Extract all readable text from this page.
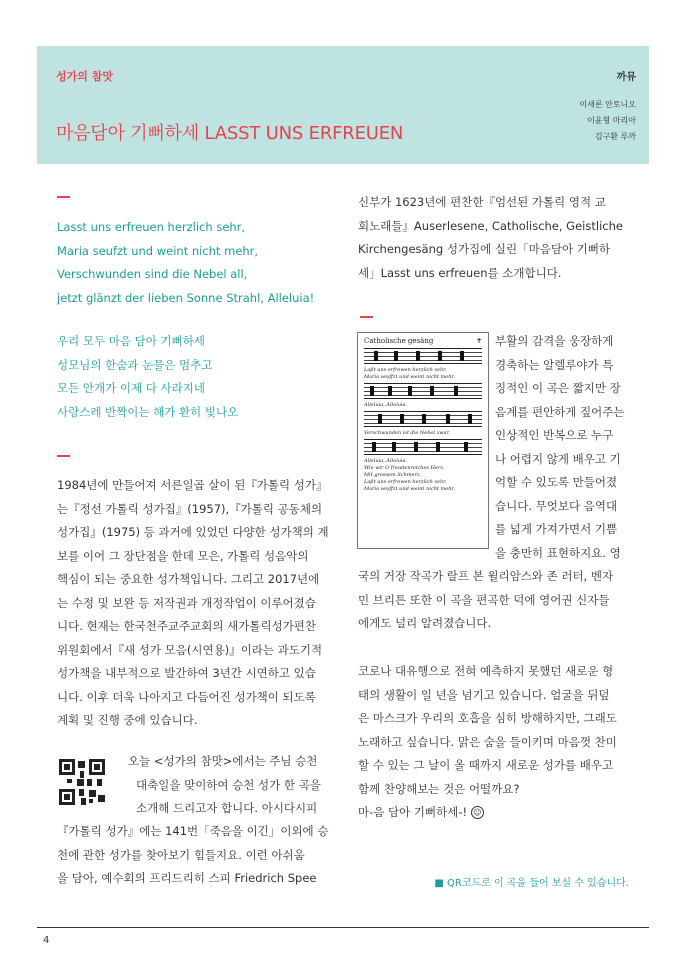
성가의 참맛	까뮤
마음담아 기뻐하세 LASST UNS ERFREUEN
이새론 안토니오
이윤형 마리아
김구환 루까
Lasst uns erfreuen herzlich sehr,
Maria seufzt und weint nicht mehr,
Verschwunden sind die Nebel all,
jetzt glänzt der lieben Sonne Strahl, Alleluia!
우리 모두 마음 담아 기뻐하세
성모님의 한숨과 눈물은 멈추고
모든 안개가 이제 다 사라지네
사랑스레 반짝이는 해가 환히 빛나오
1984년에 만들어져 서른일곱 살이 된『가톨릭 성가』
는『정선 가톨릭 성가집』(1957),『가톨릭 공동체의
성가집』(1975) 등 과거에 있었던 다양한 성가책의 계
보를 이어 그 장단점을 한데 모은, 가톨릭 성음악의
핵심이 되는 중요한 성가책입니다. 그리고 2017년에
는 수정 및 보완 등 저작권과 개정작업이 이루어졌습
니다. 현재는 한국천주교주교회의 새가톨릭성가편찬
위원회에서『새 성가 모음(시연용)』이라는 과도기적
성가책을 내부적으로 발간하여 3년간 시연하고 있습
니다. 이후 더욱 나아지고 다듬어진 성가책이 되도록
계획 및 진행 중에 있습니다.
오늘 <성가의 참맛>에서는 주님 승천
대축일을 맞이하여 승천 성가 한 곡을
소개해 드리고자 합니다. 아시다시피
『가톨릭 성가』에는 141번「죽음을 이긴」이외에 승
천에 관한 성가를 찾아보기 힘들지요. 이런 아쉬움
을 담아, 예수회의 프리드리히 스피 Friedrich Spee
신부가 1623년에 편찬한『엄선된 가톨릭 영적 교
회노래들』Auserlesene, Catholische, Geistliche
Kirchengesäng 성가집에 실린「마음담아 기뻐하
세」Lasst uns erfreuen를 소개합니다.
Catholische gesäng	✝
Laßt uns erfrewen herzlich sehr,
Maria seuffzt und weint nicht mehr,
Alleluia, Alleluia.
Verschwunden ist die Nebel zwar,
Alleluia, Alleluia.
Wie wir O freudenreiches Herz,
Mit grossem Schmerz,
Laßt uns erfrewen herzlich sehr,
Maria seuffzt und weint nicht mehr,
부활의 감격을 웅장하게
경축하는 알렐루야가 특
징적인 이 곡은 짧지만 장
음계를 편안하게 짚어주는
인상적인 반복으로 누구
나 어렵지 않게 배우고 기
억할 수 있도록 만들어졌
습니다. 무엇보다 음역대
를 넓게 가져가면서 기쁨
을 충만히 표현하지요. 영
국의 거장 작곡가 랄프 본 윌리암스와 존 러터, 벤자
민 브리튼 또한 이 곡을 편곡한 덕에 영어권 신자들
에게도 널리 알려졌습니다.
코로나 대유행으로 전혀 예측하지 못했던 새로운 형
태의 생활이 일 년을 넘기고 있습니다. 얼굴을 뒤덮
은 마스크가 우리의 호흡을 심히 방해하지만, 그래도
노래하고 싶습니다. 맑은 숨을 들이키며 마음껏 찬미
할 수 있는 그 날이 올 때까지 새로운 성가를 배우고
함께 찬양해보는 것은 어떨까요?
마-음 담아 기뻐하세-! ☺
■ QR코드로 이 곡을 들어 보실 수 있습니다.
4
